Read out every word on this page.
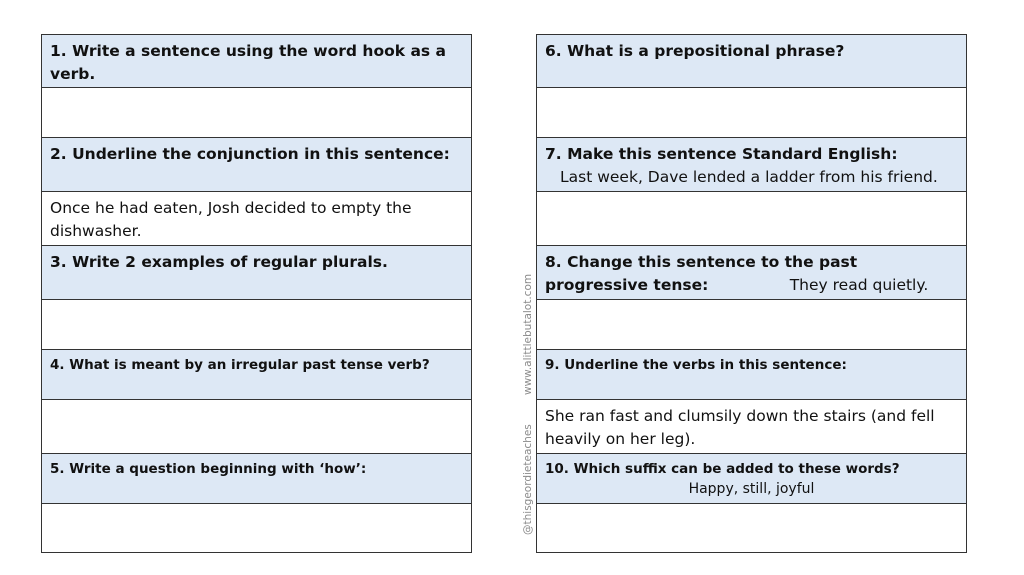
1. Write a sentence using the word hook as a verb.
2. Underline the conjunction in this sentence:
Once he had eaten, Josh decided to empty the dishwasher.
3. Write 2 examples of regular plurals.
4. What is meant by an irregular past tense verb?
5. Write a question beginning with ‘how’:
6. What is a prepositional phrase?
7. Make this sentence Standard English:
Last week, Dave lended a ladder from his friend.
8. Change this sentence to the past progressive tense:	They read quietly.
9. Underline the verbs in this sentence:
She ran fast and clumsily down the stairs (and fell heavily on her leg).
10. Which suffix can be added to these words?
Happy, still, joyful
www.alittlebutalot.com
@thisgeordieteaches
